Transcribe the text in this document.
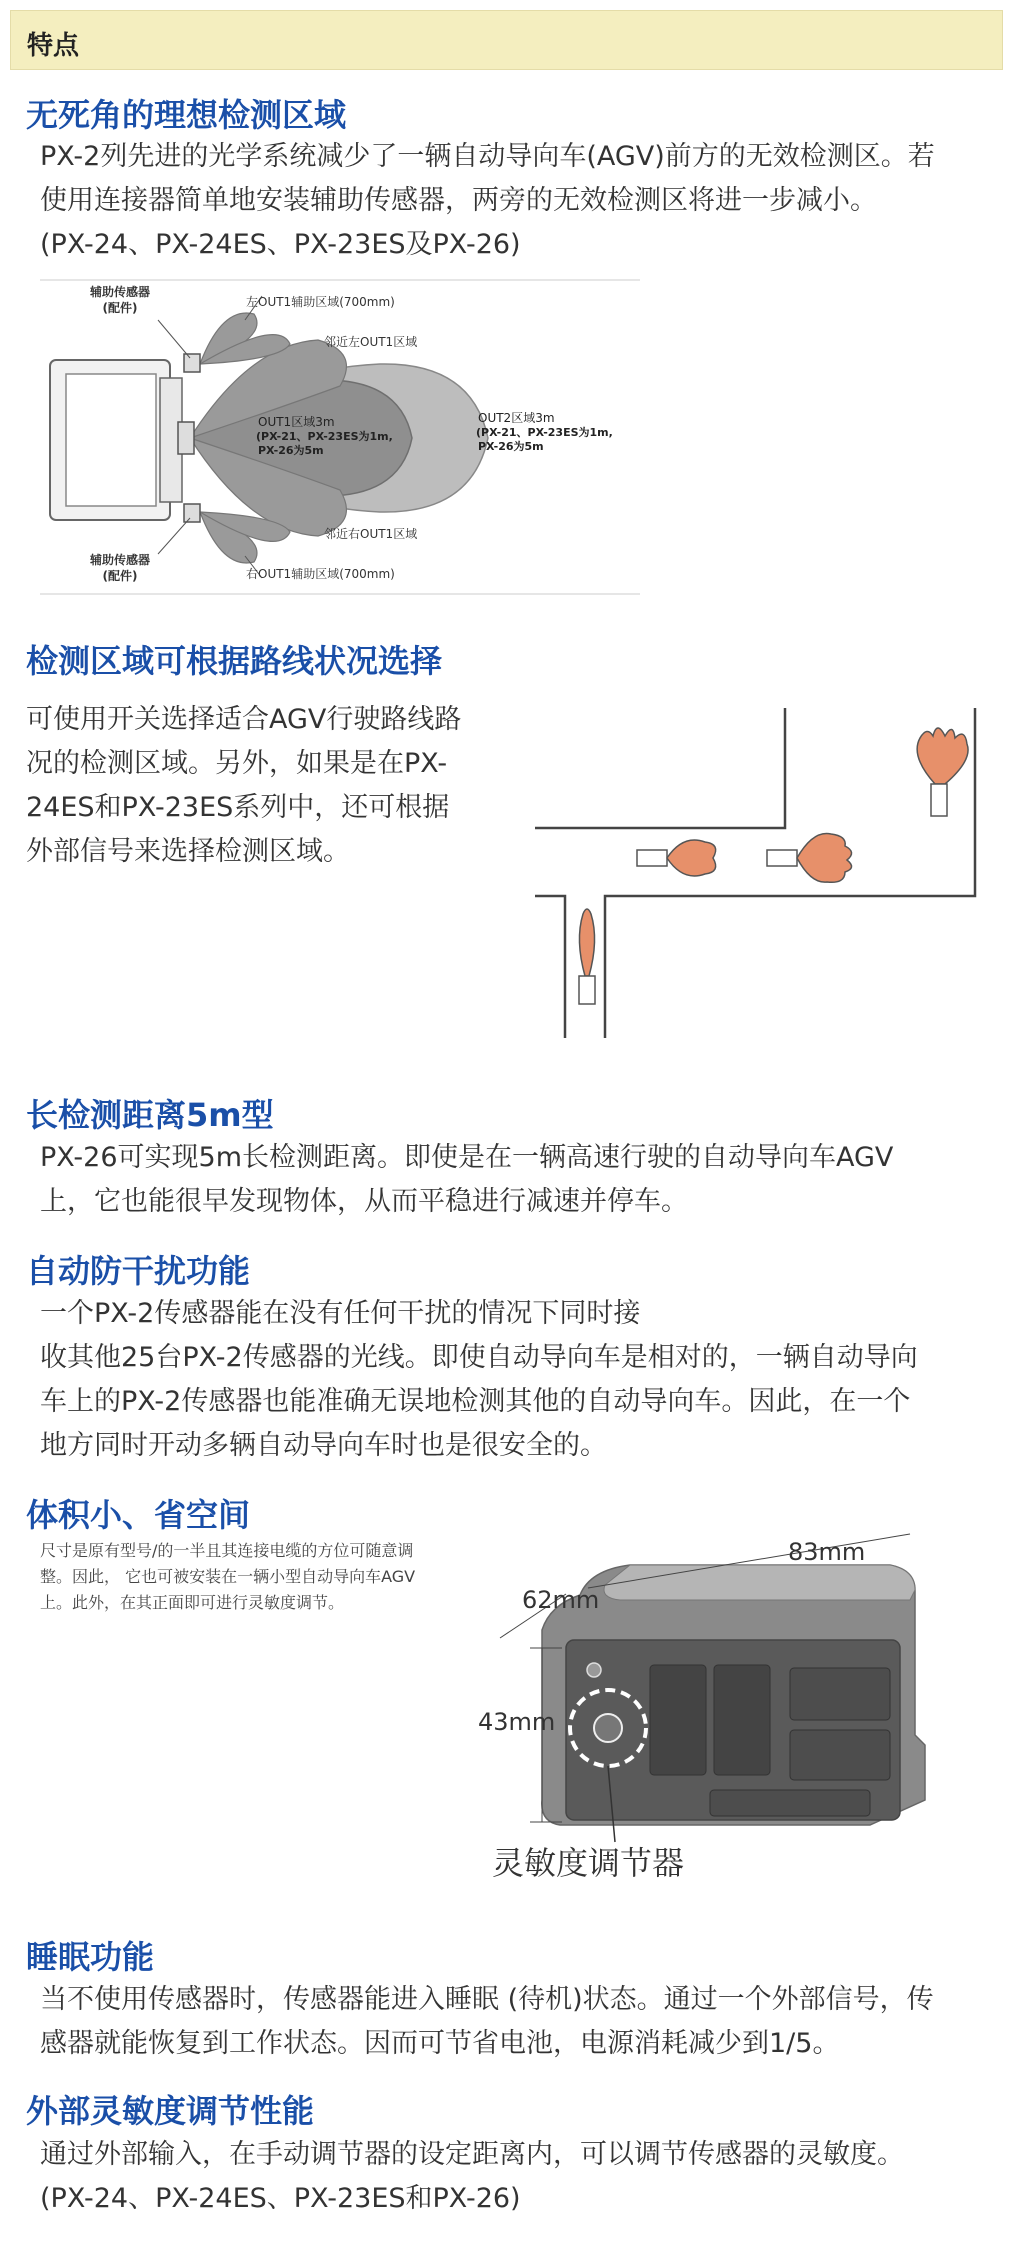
特点
无死角的理想检测区域
PX-2列先进的光学系统减少了一辆自动导向车(AGV)前方的无效检测区。若
使用连接器简单地安装辅助传感器，两旁的无效检测区将进一步减小。
(PX-24、PX-24ES、PX-23ES及PX-26)
辅助传感器
(配件)	左OUT1辅助区域(700mm)
邻近左OUT1区域
OUT1区域3m
(PX-21、PX-23ES为1m,
PX-26为5m
OUT2区域3m
(PX-21、PX-23ES为1m,
PX-26为5m
邻近右OUT1区域
辅助传感器
(配件)	右OUT1辅助区域(700mm)
检测区域可根据路线状况选择
可使用开关选择适合AGV行驶路线路
况的检测区域。另外，如果是在PX-
24ES和PX-23ES系列中，还可根据
外部信号来选择检测区域。
长检测距离5m型
PX-26可实现5m长检测距离。即使是在一辆高速行驶的自动导向车AGV
上，它也能很早发现物体，从而平稳进行减速并停车。
自动防干扰功能
一个PX-2传感器能在没有任何干扰的情况下同时接
收其他25台PX-2传感器的光线。即使自动导向车是相对的，一辆自动导向
车上的PX-2传感器也能准确无误地检测其他的自动导向车。因此，在一个
地方同时开动多辆自动导向车时也是很安全的。
体积小、省空间
尺寸是原有型号/的一半且其连接电缆的方位可随意调
整。因此， 它也可被安装在一辆小型自动导向车AGV
上。此外，在其正面即可进行灵敏度调节。
83mm
62mm
43mm
灵敏度调节器
睡眠功能
当不使用传感器时，传感器能进入睡眠 (待机)状态。通过一个外部信号，传
感器就能恢复到工作状态。因而可节省电池，电源消耗减少到1/5。
外部灵敏度调节性能
通过外部输入，在手动调节器的设定距离内，可以调节传感器的灵敏度。
(PX-24、PX-24ES、PX-23ES和PX-26)
